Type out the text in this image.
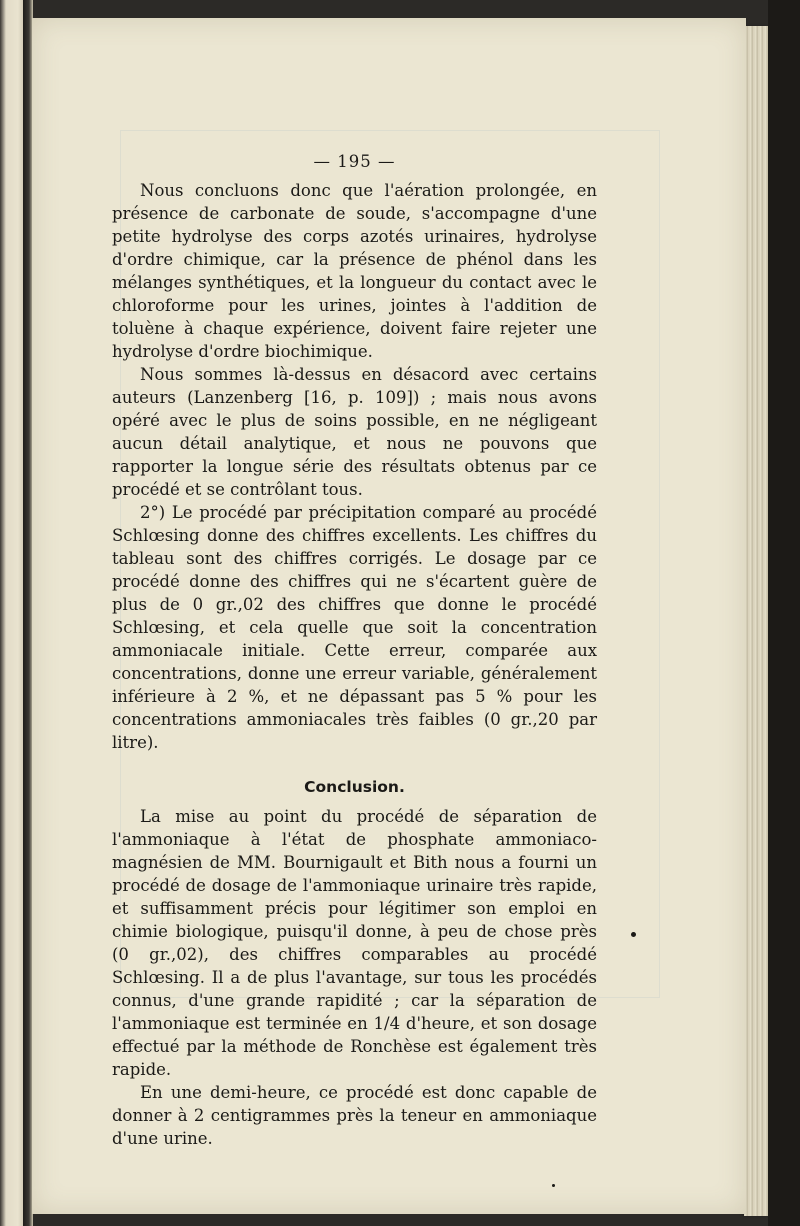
— 195 —

Nous concluons donc que l'aération prolongée, en présence de carbonate de soude, s'accompagne d'une petite hydrolyse des corps azotés urinaires, hydrolyse d'ordre chimique, car la présence de phénol dans les mélanges synthétiques, et la longueur du contact avec le chloroforme pour les urines, jointes à l'addition de toluène à chaque expérience, doivent faire rejeter une hydrolyse d'ordre biochimique.

Nous sommes là-dessus en désacord avec certains auteurs (Lanzenberg [16, p. 109]) ; mais nous avons opéré avec le plus de soins possible, en ne négligeant aucun détail analytique, et nous ne pouvons que rapporter la longue série des résultats obtenus par ce procédé et se contrôlant tous.

2°) Le procédé par précipitation comparé au procédé Schlœsing donne des chiffres excellents. Les chiffres du tableau sont des chiffres corrigés. Le dosage par ce procédé donne des chiffres qui ne s'écartent guère de plus de 0 gr.,02 des chiffres que donne le procédé Schlœsing, et cela quelle que soit la concentration ammoniacale initiale. Cette erreur, comparée aux concentrations, donne une erreur variable, généralement inférieure à 2 %, et ne dépassant pas 5 % pour les concentrations ammoniacales très faibles (0 gr.,20 par litre).

Conclusion.

La mise au point du procédé de séparation de l'ammoniaque à l'état de phosphate ammoniaco-magnésien de MM. Bournigault et Bith nous a fourni un procédé de dosage de l'ammoniaque urinaire très rapide, et suffisamment précis pour légitimer son emploi en chimie biologique, puisqu'il donne, à peu de chose près (0 gr.,02), des chiffres comparables au procédé Schlœsing. Il a de plus l'avantage, sur tous les procédés connus, d'une grande rapidité ; car la séparation de l'ammoniaque est terminée en 1/4 d'heure, et son dosage effectué par la méthode de Ronchèse est également très rapide.

En une demi-heure, ce procédé est donc capable de donner à 2 centigrammes près la teneur en ammoniaque d'une urine.
